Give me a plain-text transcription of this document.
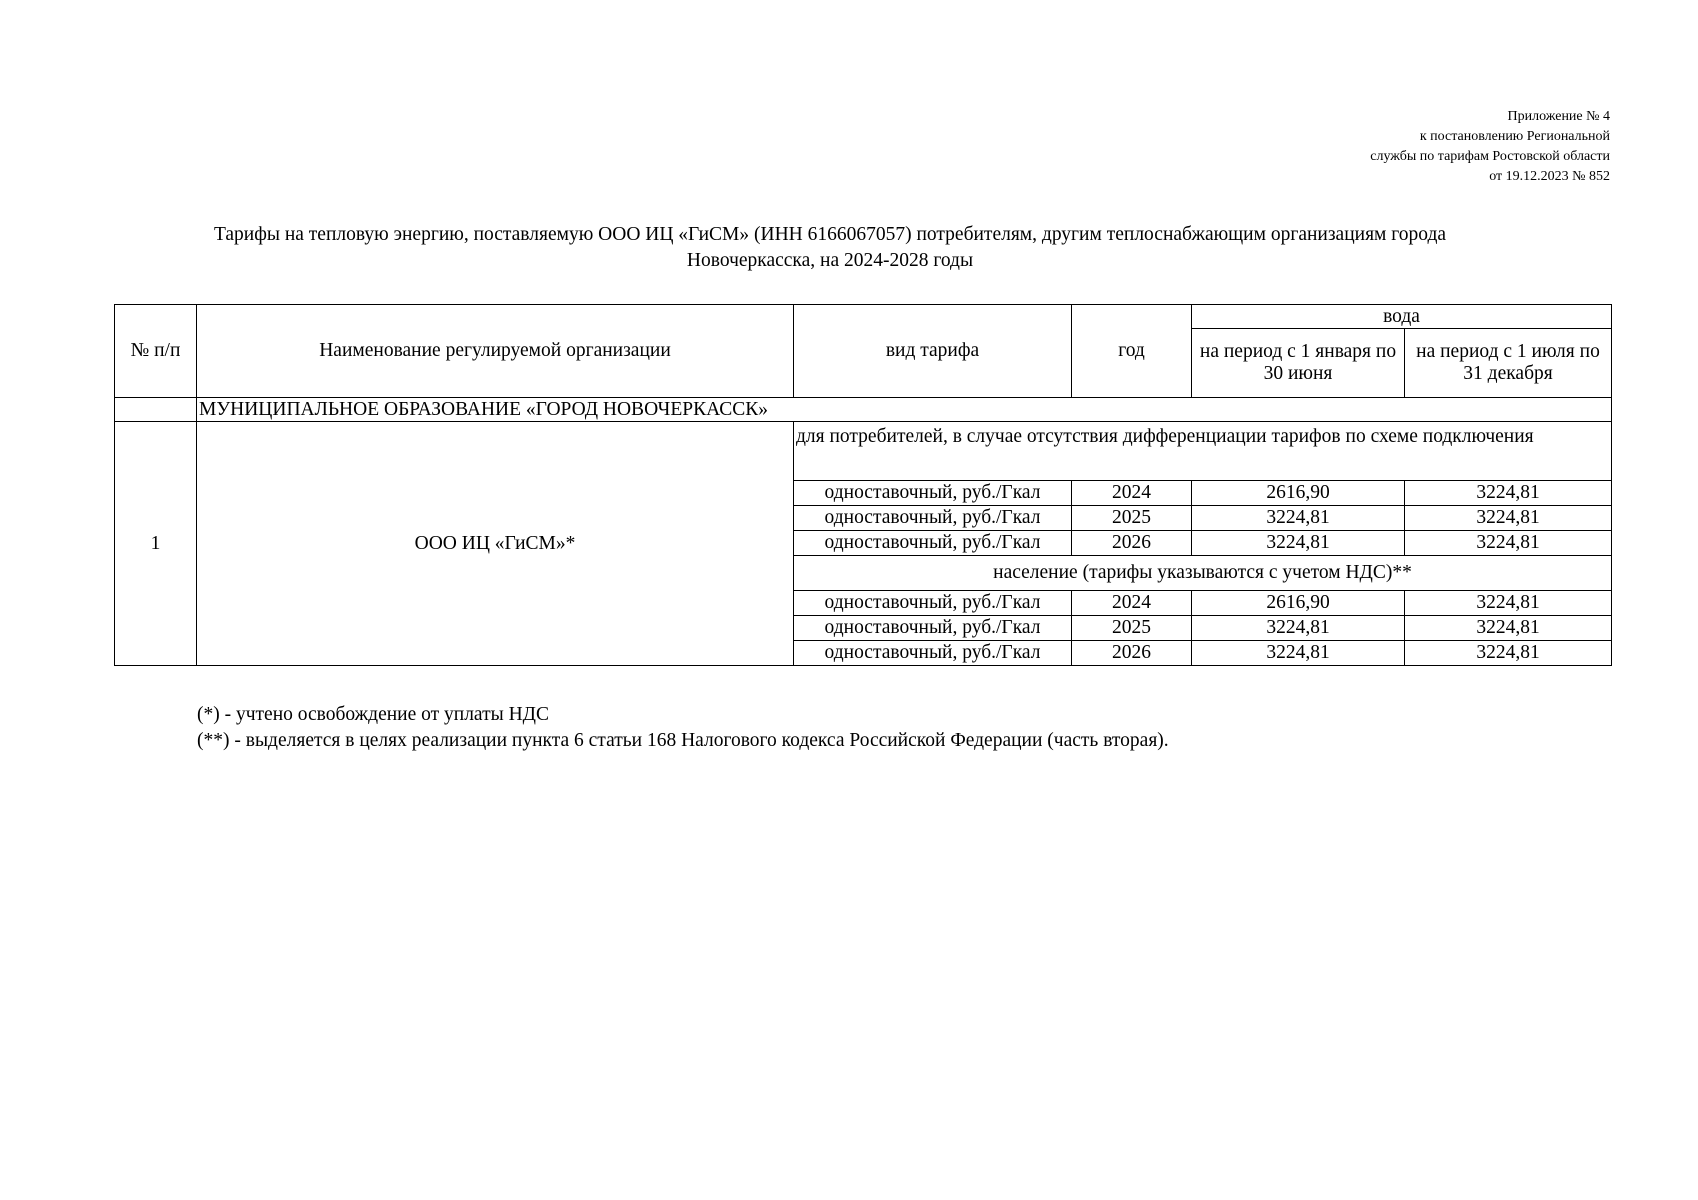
Приложение № 4
к постановлению Региональной
службы по тарифам Ростовской области
от 19.12.2023 № 852
Тарифы на тепловую энергию, поставляемую ООО ИЦ «ГиСМ» (ИНН 6166067057) потребителям, другим теплоснабжающим организациям города
Новочеркасска, на 2024-2028 годы
№ п/п	Наименование регулируемой организации	вид тарифа	год	вода	
				на период с 1 января по 30 июня	на период с 1 июля по 31 декабря
	МУНИЦИПАЛЬНОЕ ОБРАЗОВАНИЕ «ГОРОД НОВОЧЕРКАССК»				
1	ООО ИЦ «ГиСМ»*	для потребителей, в случае отсутствия дифференциации тарифов по схеме подключения			
		одноставочный, руб./Гкал	2024	2616,90	3224,81
		одноставочный, руб./Гкал	2025	3224,81	3224,81
		одноставочный, руб./Гкал	2026	3224,81	3224,81
		население (тарифы указываются с учетом НДС)**			
		одноставочный, руб./Гкал	2024	2616,90	3224,81
		одноставочный, руб./Гкал	2025	3224,81	3224,81
		одноставочный, руб./Гкал	2026	3224,81	3224,81
(*) - учтено освобождение от уплаты НДС
(**) - выделяется в целях реализации пункта 6 статьи 168 Налогового кодекса Российской Федерации (часть вторая).
